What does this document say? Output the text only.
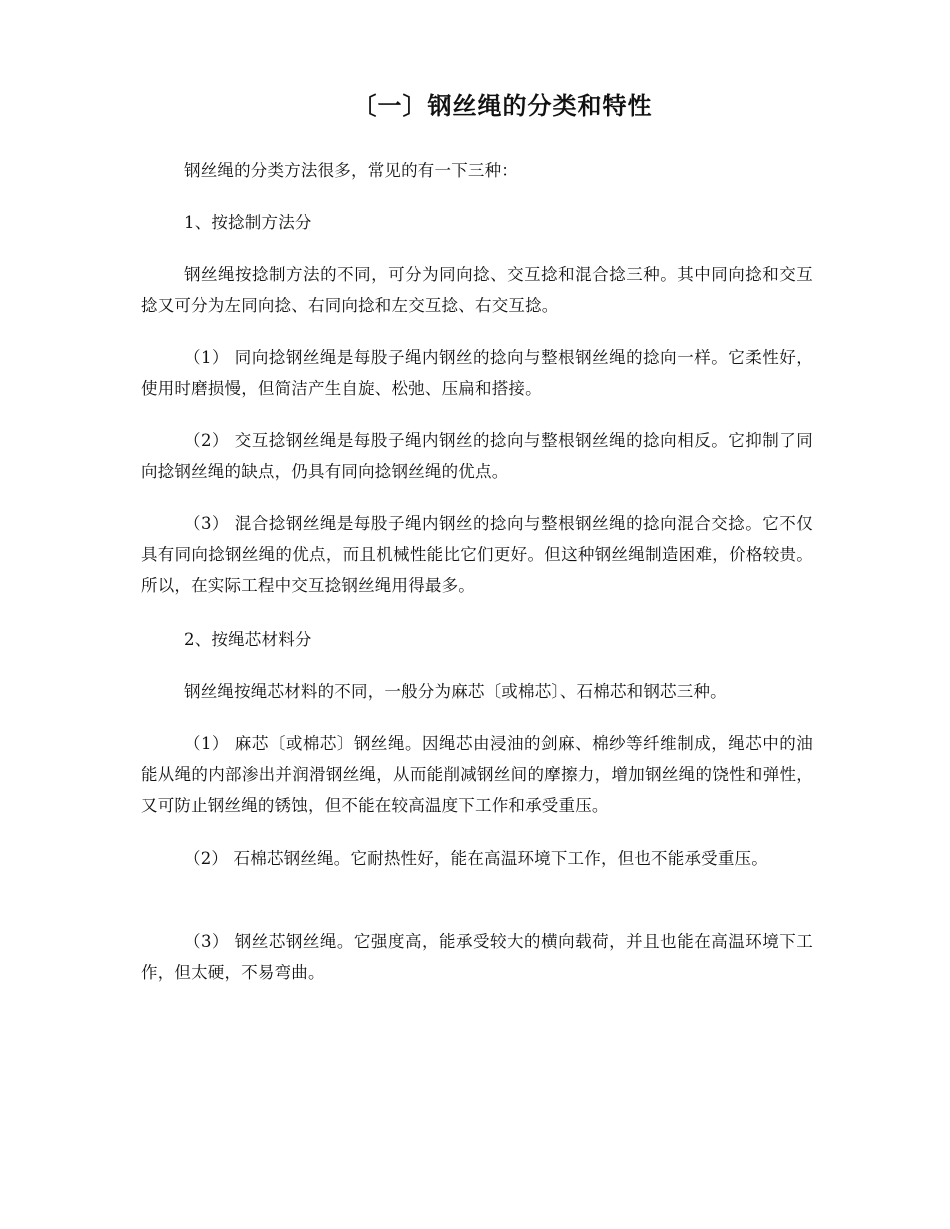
〔一〕钢丝绳的分类和特性

钢丝绳的分类方法很多，常见的有一下三种：

1、按捻制方法分

钢丝绳按捻制方法的不同，可分为同向捻、交互捻和混合捻三种。其中同向捻和交互捻又可分为左同向捻、右同向捻和左交互捻、右交互捻。

（1） 同向捻钢丝绳是每股子绳内钢丝的捻向与整根钢丝绳的捻向一样。它柔性好，使用时磨损慢，但简洁产生自旋、松弛、压扁和搭接。

（2） 交互捻钢丝绳是每股子绳内钢丝的捻向与整根钢丝绳的捻向相反。它抑制了同向捻钢丝绳的缺点，仍具有同向捻钢丝绳的优点。

（3） 混合捻钢丝绳是每股子绳内钢丝的捻向与整根钢丝绳的捻向混合交捻。它不仅具有同向捻钢丝绳的优点，而且机械性能比它们更好。但这种钢丝绳制造困难，价格较贵。所以，在实际工程中交互捻钢丝绳用得最多。

2、按绳芯材料分

钢丝绳按绳芯材料的不同，一般分为麻芯〔或棉芯〕、石棉芯和钢芯三种。

（1） 麻芯〔或棉芯〕钢丝绳。因绳芯由浸油的剑麻、棉纱等纤维制成，绳芯中的油能从绳的内部渗出并润滑钢丝绳，从而能削减钢丝间的摩擦力，增加钢丝绳的饶性和弹性，又可防止钢丝绳的锈蚀，但不能在较高温度下工作和承受重压。

（2） 石棉芯钢丝绳。它耐热性好，能在高温环境下工作，但也不能承受重压。

（3） 钢丝芯钢丝绳。它强度高，能承受较大的横向载荷，并且也能在高温环境下工作，但太硬，不易弯曲。
